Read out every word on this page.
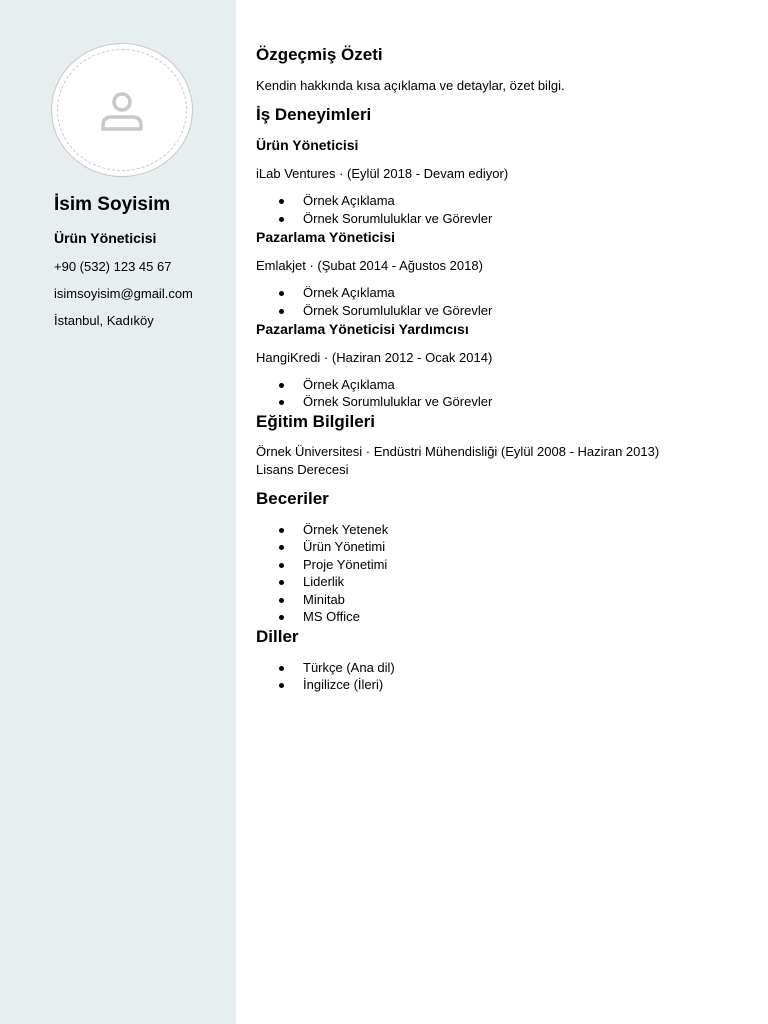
İsim Soyisim
Ürün Yöneticisi
+90 (532) 123 45 67
isimsoyisim@gmail.com
İstanbul, Kadıköy
Özgeçmiş Özeti
Kendin hakkında kısa açıklama ve detaylar, özet bilgi.
İş Deneyimleri
Ürün Yöneticisi
iLab Ventures · (Eylül 2018 - Devam ediyor)
Örnek Açıklama
Örnek Sorumluluklar ve Görevler
Pazarlama Yöneticisi
Emlakjet · (Şubat 2014 - Ağustos 2018)
Örnek Açıklama
Örnek Sorumluluklar ve Görevler
Pazarlama Yöneticisi Yardımcısı
HangiKredi · (Haziran 2012 - Ocak 2014)
Örnek Açıklama
Örnek Sorumluluklar ve Görevler
Eğitim Bilgileri
Örnek Üniversitesi · Endüstri Mühendisliği (Eylül 2008 - Haziran 2013)
Lisans Derecesi
Beceriler
Örnek Yetenek
Ürün Yönetimi
Proje Yönetimi
Liderlik
Minitab
MS Office
Diller
Türkçe (Ana dil)
İngilizce (İleri)
